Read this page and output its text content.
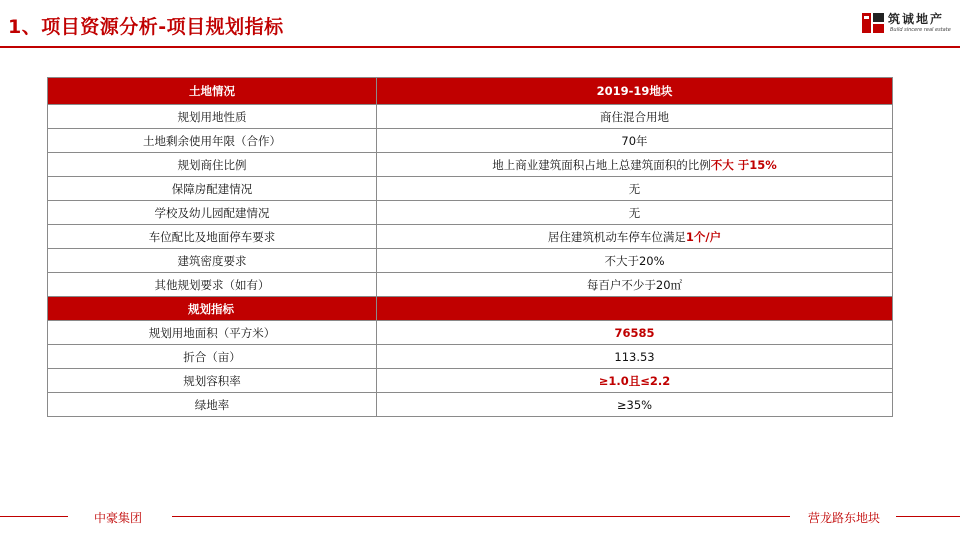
1、项目资源分析-项目规划指标	筑诚地产
Build sincere real estate
土地情况	2019-19地块
规划用地性质	商住混合用地
土地剩余使用年限（合作）	70年
规划商住比例	地上商业建筑面积占地上总建筑面积的比例不大 于15%
保障房配建情况	无
学校及幼儿园配建情况	无
车位配比及地面停车要求	居住建筑机动车停车位满足1个/户
建筑密度要求	不大于20%
其他规划要求（如有）	每百户不少于20㎡
规划指标	
规划用地面积（平方米）	76585
折合（亩）	113.53
规划容积率	≥1.0且≤2.2
绿地率	≥35%
中豪集团	营龙路东地块
